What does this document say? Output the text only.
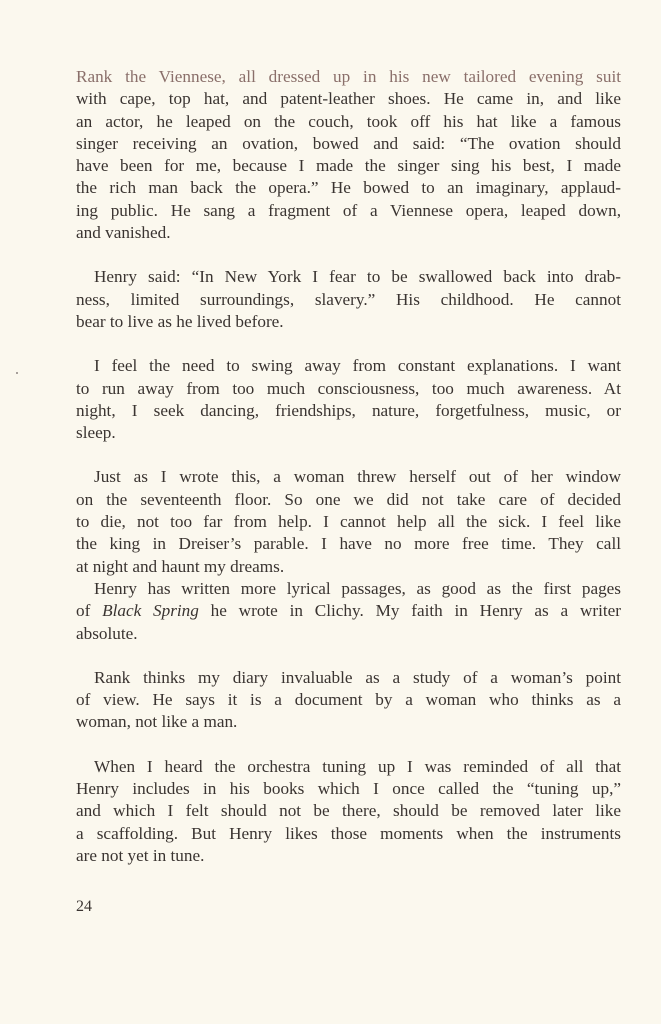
Rank the Viennese, all dressed up in his new tailored evening suit
with cape, top hat, and patent-leather shoes. He came in, and like
an actor, he leaped on the couch, took off his hat like a famous
singer receiving an ovation, bowed and said: “The ovation should
have been for me, because I made the singer sing his best, I made
the rich man back the opera.” He bowed to an imaginary, applaud-
ing public. He sang a fragment of a Viennese opera, leaped down,
and vanished.

Henry said: “In New York I fear to be swallowed back into drab-
ness, limited surroundings, slavery.” His childhood. He cannot
bear to live as he lived before.

I feel the need to swing away from constant explanations. I want
to run away from too much consciousness, too much awareness. At
night, I seek dancing, friendships, nature, forgetfulness, music, or
sleep.

Just as I wrote this, a woman threw herself out of her window
on the seventeenth floor. So one we did not take care of decided
to die, not too far from help. I cannot help all the sick. I feel like
the king in Dreiser’s parable. I have no more free time. They call
at night and haunt my dreams.

Henry has written more lyrical passages, as good as the first pages
of Black Spring he wrote in Clichy. My faith in Henry as a writer
absolute.

Rank thinks my diary invaluable as a study of a woman’s point
of view. He says it is a document by a woman who thinks as a
woman, not like a man.

When I heard the orchestra tuning up I was reminded of all that
Henry includes in his books which I once called the “tuning up,”
and which I felt should not be there, should be removed later like
a scaffolding. But Henry likes those moments when the instruments
are not yet in tune.

24
